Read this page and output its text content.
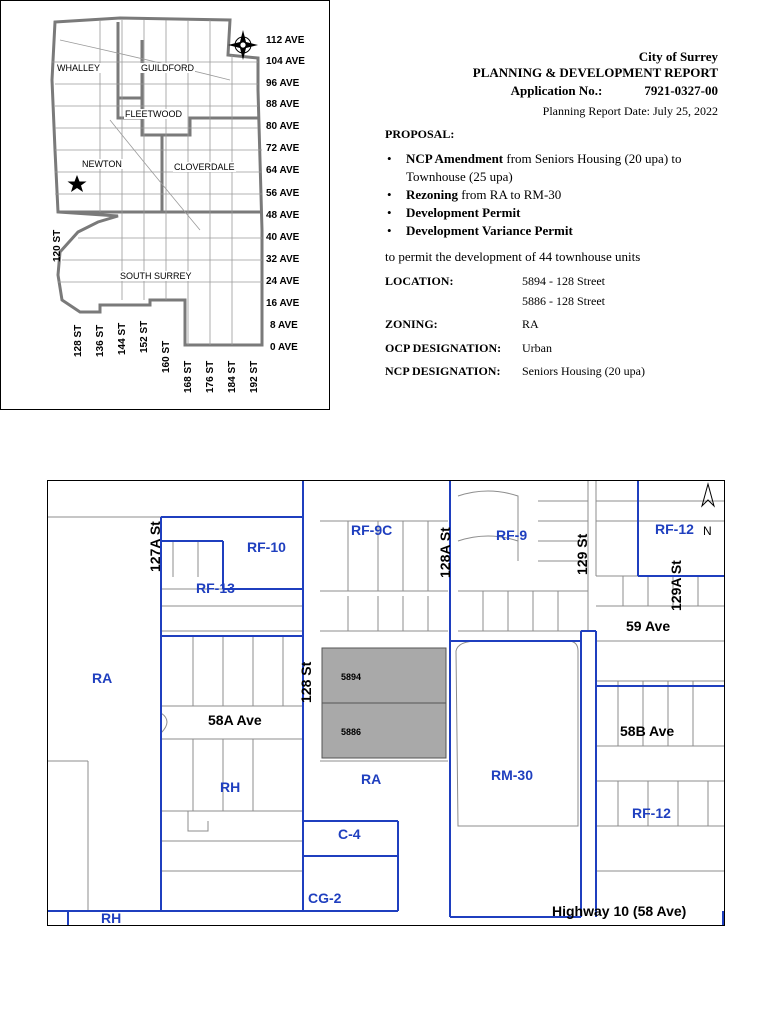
City of Surrey
PLANNING & DEVELOPMENT REPORT
Application No.:	7921-0327-00
Planning Report Date: July 25, 2022
PROPOSAL:
• NCP Amendment from Seniors Housing (20 upa) to Townhouse (25 upa)
• Rezoning from RA to RM-30
• Development Permit
• Development Variance Permit
to permit the development of 44 townhouse units
LOCATION:	5894 - 128 Street
5886 - 128 Street
ZONING:	RA
OCP DESIGNATION: Urban
NCP DESIGNATION: Seniors Housing (20 upa)
WHALLEY	GUILDFORD
FLEETWOOD
NEWTON	CLOVERDALE
SOUTH SURREY
112 AVE
104 AVE
96 AVE
88 AVE
80 AVE
72 AVE
64 AVE
56 AVE
48 AVE
40 AVE
32 AVE
24 AVE
16 AVE
8 AVE
0 AVE
120 ST
128 ST 136 ST 144 ST 152 ST
160 ST
168 ST 176 ST 184 ST 192 ST
RF-9C	RF-9	RF-12
RF-10
RF-13
RA
RA
RH
RH
RM-30
RF-12
C-4
CG-2
127A St	128A St	129 St
129A St
128 St
59 Ave
58A Ave
58B Ave
Highway 10 (58 Ave)
N
5894
5886
